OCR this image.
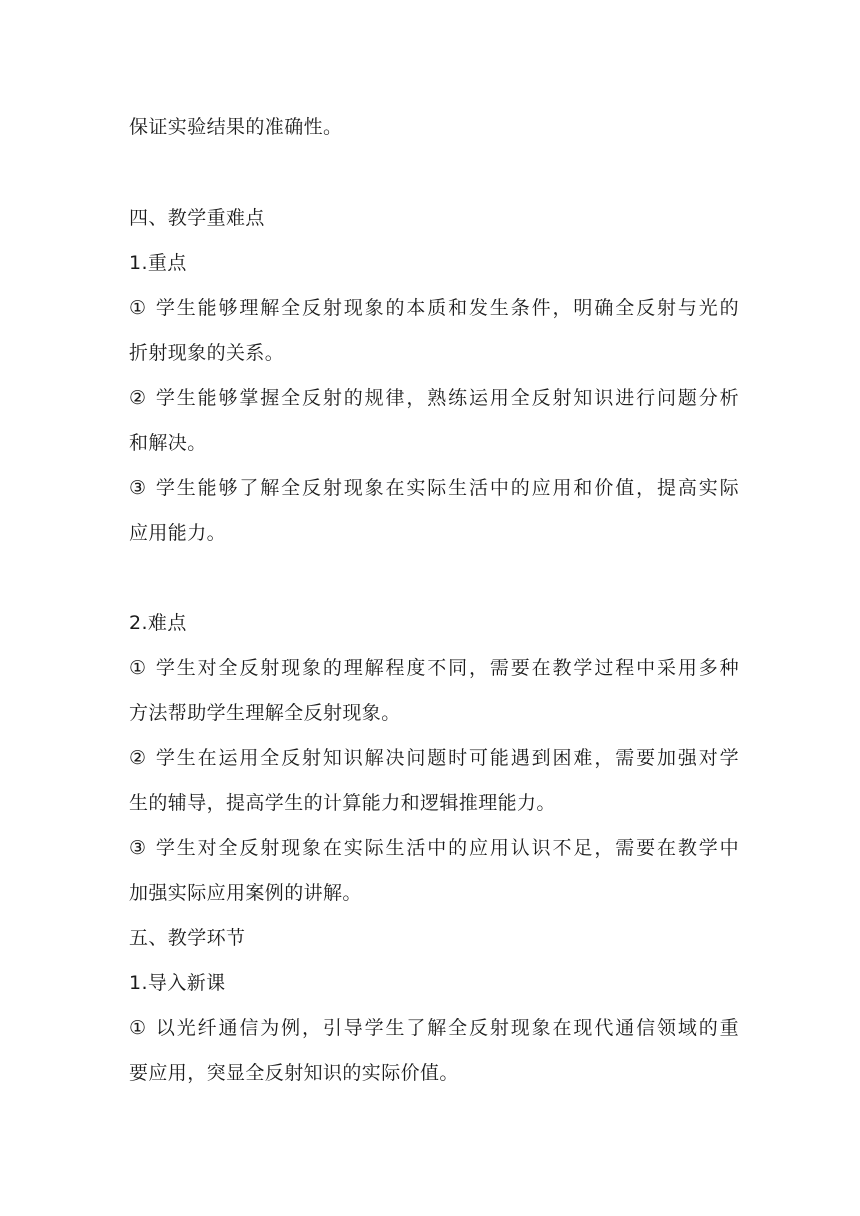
保证实验结果的准确性。
四、教学重难点
1.重点
① 学生能够理解全反射现象的本质和发生条件，明确全反射与光的
折射现象的关系。
② 学生能够掌握全反射的规律，熟练运用全反射知识进行问题分析
和解决。
③ 学生能够了解全反射现象在实际生活中的应用和价值，提高实际
应用能力。
2.难点
① 学生对全反射现象的理解程度不同，需要在教学过程中采用多种
方法帮助学生理解全反射现象。
② 学生在运用全反射知识解决问题时可能遇到困难，需要加强对学
生的辅导，提高学生的计算能力和逻辑推理能力。
③ 学生对全反射现象在实际生活中的应用认识不足，需要在教学中
加强实际应用案例的讲解。
五、教学环节
1.导入新课
① 以光纤通信为例，引导学生了解全反射现象在现代通信领域的重
要应用，突显全反射知识的实际价值。
